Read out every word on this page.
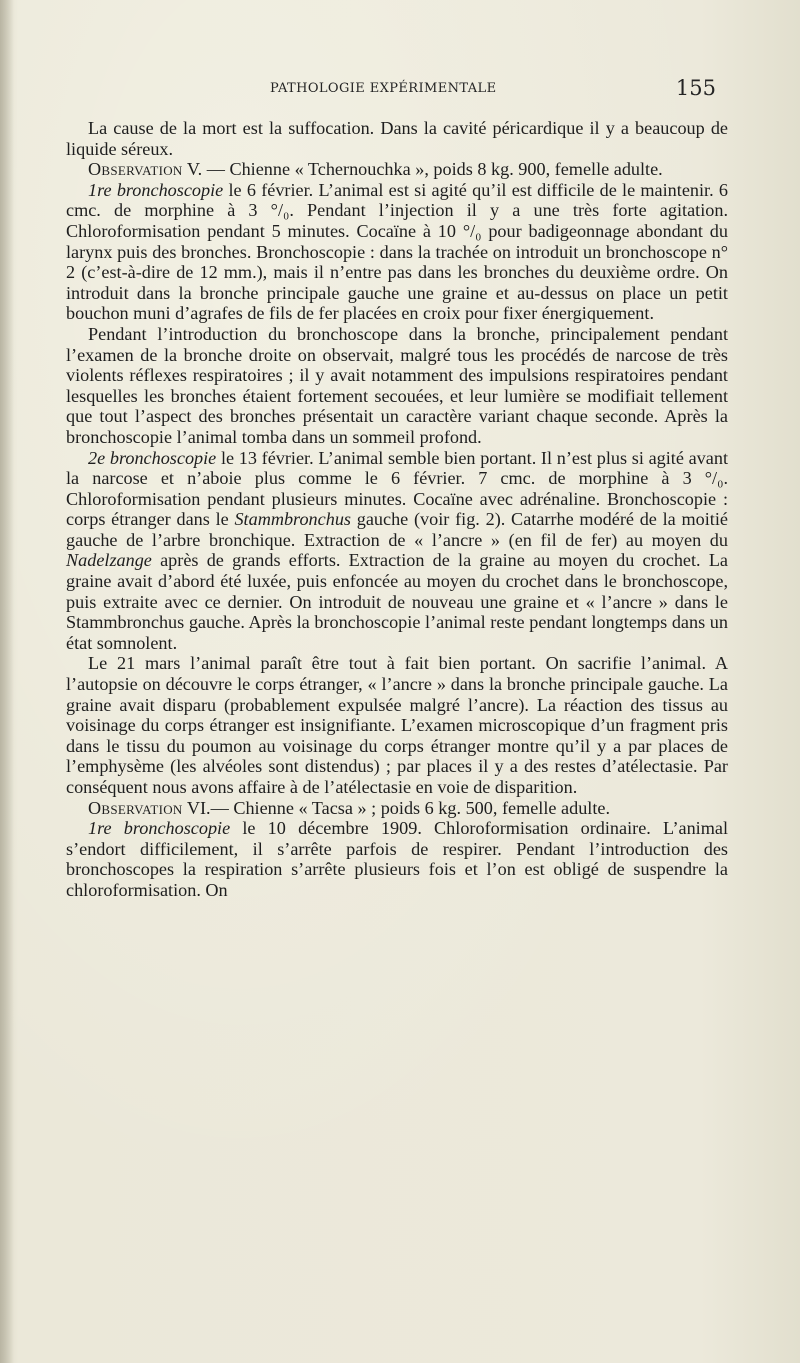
PATHOLOGIE EXPÉRIMENTALE	155

La cause de la mort est la suffocation. Dans la cavité péricardique il y a beaucoup de liquide séreux.

Observation V. — Chienne « Tchernouchka », poids 8 kg. 900, femelle adulte.

1re bronchoscopie le 6 février. L’animal est si agité qu’il est difficile de le maintenir. 6 cmc. de morphine à 3 °/₀. Pendant l’injection il y a une très forte agitation. Chloroformisation pendant 5 minutes. Cocaïne à 10 °/₀ pour badigeonnage abondant du larynx puis des bronches. Bronchoscopie : dans la trachée on introduit un bronchoscope n° 2 (c’est-à-dire de 12 mm.), mais il n’entre pas dans les bronches du deuxième ordre. On introduit dans la bronche principale gauche une graine et au-dessus on place un petit bouchon muni d’agrafes de fils de fer placées en croix pour fixer énergiquement.

Pendant l’introduction du bronchoscope dans la bronche, principalement pendant l’examen de la bronche droite on observait, malgré tous les procédés de narcose de très violents réflexes respiratoires ; il y avait notamment des impulsions respiratoires pendant lesquelles les bronches étaient fortement secouées, et leur lumière se modifiait tellement que tout l’aspect des bronches présentait un caractère variant chaque seconde. Après la bronchoscopie l’animal tomba dans un sommeil profond.

2e bronchoscopie le 13 février. L’animal semble bien portant. Il n’est plus si agité avant la narcose et n’aboie plus comme le 6 février. 7 cmc. de morphine à 3 °/₀. Chloroformisation pendant plusieurs minutes. Cocaïne avec adrénaline. Bronchoscopie : corps étranger dans le Stammbronchus gauche (voir fig. 2). Catarrhe modéré de la moitié gauche de l’arbre bronchique. Extraction de « l’ancre » (en fil de fer) au moyen du Nadelzange après de grands efforts. Extraction de la graine au moyen du crochet. La graine avait d’abord été luxée, puis enfoncée au moyen du crochet dans le bronchoscope, puis extraite avec ce dernier. On introduit de nouveau une graine et « l’ancre » dans le Stammbronchus gauche. Après la bronchoscopie l’animal reste pendant longtemps dans un état somnolent.

Le 21 mars l’animal paraît être tout à fait bien portant. On sacrifie l’animal. A l’autopsie on découvre le corps étranger, « l’ancre » dans la bronche principale gauche. La graine avait disparu (probablement expulsée malgré l’ancre). La réaction des tissus au voisinage du corps étranger est insignifiante. L’examen microscopique d’un fragment pris dans le tissu du poumon au voisinage du corps étranger montre qu’il y a par places de l’emphysème (les alvéoles sont distendus) ; par places il y a des restes d’atélectasie. Par conséquent nous avons affaire à de l’atélectasie en voie de disparition.

Observation VI.— Chienne « Tacsa » ; poids 6 kg. 500, femelle adulte.

1re bronchoscopie le 10 décembre 1909. Chloroformisation ordinaire. L’animal s’endort difficilement, il s’arrête parfois de respirer. Pendant l’introduction des bronchoscopes la respiration s’arrête plusieurs fois et l’on est obligé de suspendre la chloroformisation. On
